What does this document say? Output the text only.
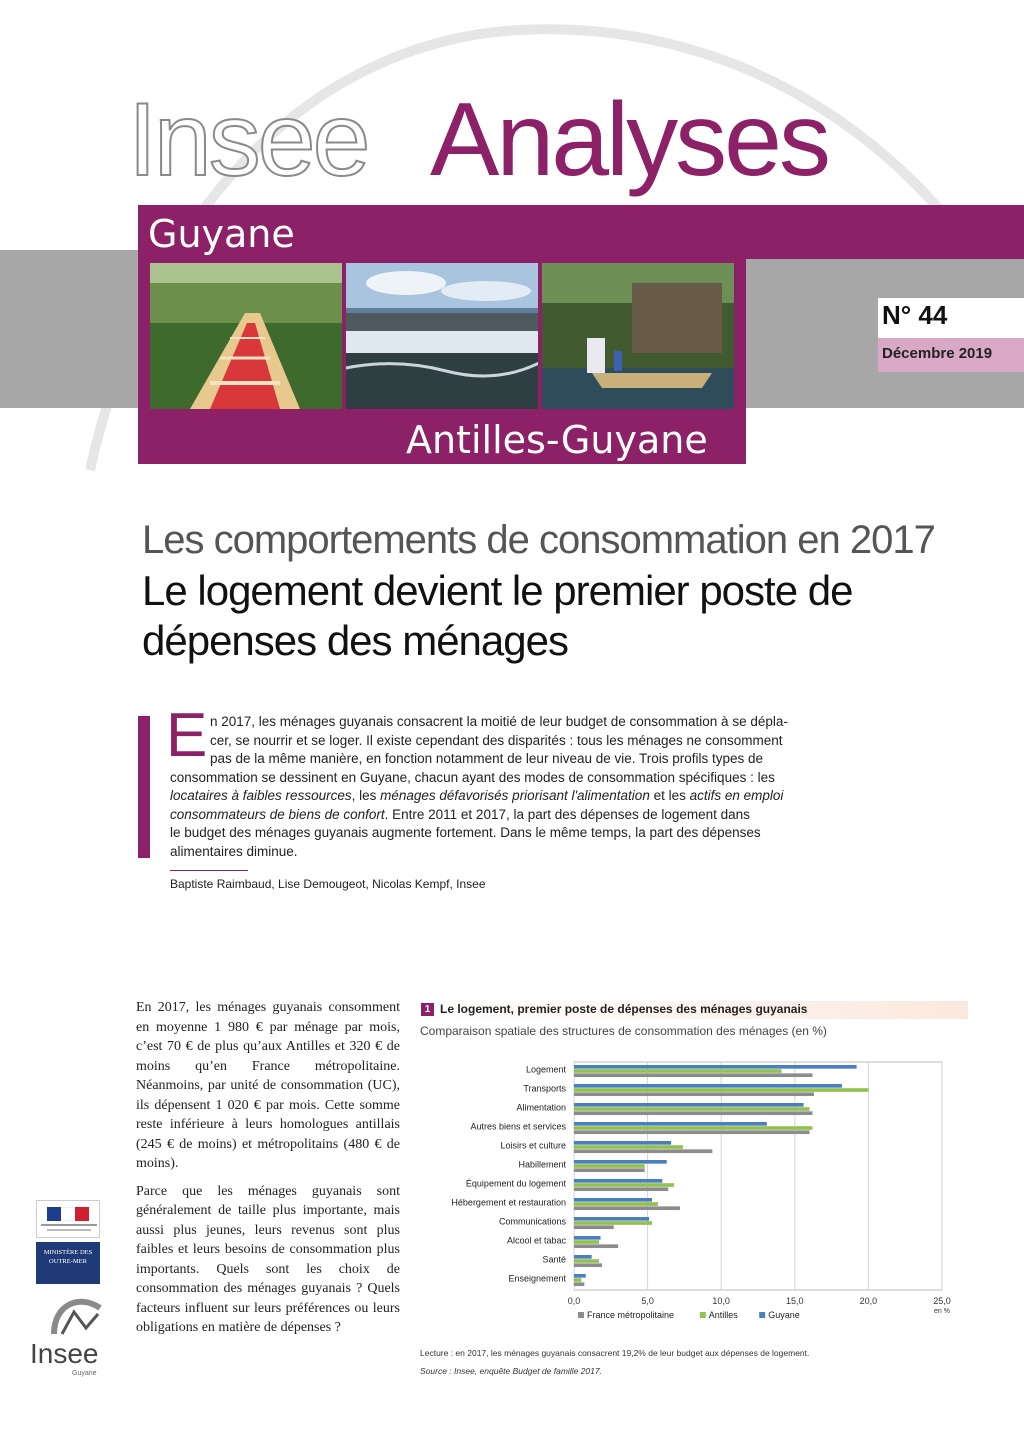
Insee Analyses
Guyane
Antilles-Guyane
N° 44
Décembre 2019
Les comportements de consommation en 2017
Le logement devient le premier poste de dépenses des ménages
E n 2017, les ménages guyanais consacrent la moitié de leur budget de consommation à se dépla-
cer, se nourrir et se loger. Il existe cependant des disparités : tous les ménages ne consomment
pas de la même manière, en fonction notamment de leur niveau de vie. Trois profils types de
consommation se dessinent en Guyane, chacun ayant des modes de consommation spécifiques : les
locataires à faibles ressources, les ménages défavorisés priorisant l'alimentation et les actifs en emploi
consommateurs de biens de confort. Entre 2011 et 2017, la part des dépenses de logement dans
le budget des ménages guyanais augmente fortement. Dans le même temps, la part des dépenses
alimentaires diminue.
Baptiste Raimbaud, Lise Demougeot, Nicolas Kempf, Insee

En 2017, les ménages guyanais consomment en moyenne 1 980 € par ménage par mois, c’est 70 € de plus qu’aux Antilles et 320 € de moins qu’en France métropolitaine. Néanmoins, par unité de consommation (UC), ils dépensent 1 020 € par mois. Cette somme reste inférieure à leurs homologues antillais (245 € de moins) et métropolitains (480 € de moins).

Parce que les ménages guyanais sont généralement de taille plus importante, mais aussi plus jeunes, leurs revenus sont plus faibles et leurs besoins de consommation plus importants. Quels sont les choix de consommation des ménages guyanais ? Quels facteurs influent sur leurs préférences ou leurs obligations en matière de dépenses ?

MINISTÈRE DES OUTRE-MER
Insee
Guyane
1 Le logement, premier poste de dépenses des ménages guyanais
Comparaison spatiale des structures de consommation des ménages (en %)
0,0	5,0	10,0	15,0	20,0	25,0
en %
Logement
Transports
Alimentation
Autres biens et services
Loisirs et culture
Habillement
Équipement du logement
Hébergement et restauration
Communications
Alcool et tabac
Santé
Enseignement
France métropolitaine	Antilles	Guyane
Lecture : en 2017, les ménages guyanais consacrent 19,2% de leur budget aux dépenses de logement.
Source : Insee, enquête Budget de famille 2017.
